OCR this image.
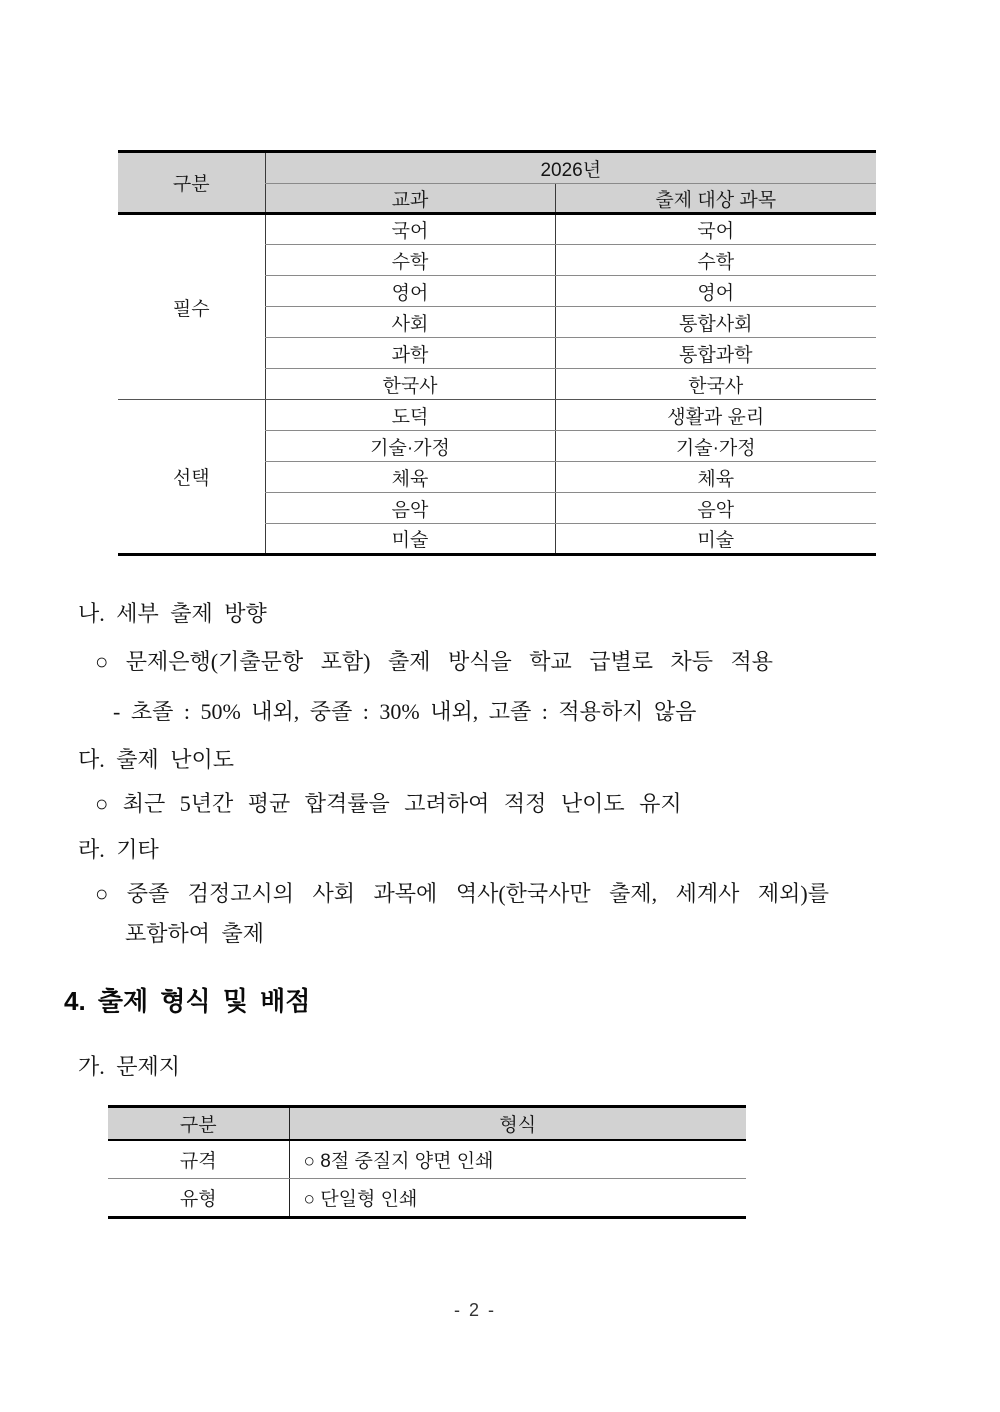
구분	2026년	
	교과	출제 대상 과목
필수	국어	국어
	수학	수학
	영어	영어
	사회	통합사회
	과학	통합과학
	한국사	한국사
선택	도덕	생활과 윤리
	기술·가정	기술·가정
	체육	체육
	음악	음악
	미술	미술
나. 세부 출제 방향
○ 문제은행(기출문항 포함) 출제 방식을 학교 급별로 차등 적용
- 초졸 : 50% 내외, 중졸 : 30% 내외, 고졸 : 적용하지 않음
다. 출제 난이도
○ 최근 5년간 평균 합격률을 고려하여 적정 난이도 유지
라. 기타
○ 중졸 검정고시의 사회 과목에 역사(한국사만 출제, 세계사 제외)를
포함하여 출제
4. 출제 형식 및 배점
가. 문제지
구분	형식
규격	○ 8절 중질지 양면 인쇄
유형	○ 단일형 인쇄
- 2 -
